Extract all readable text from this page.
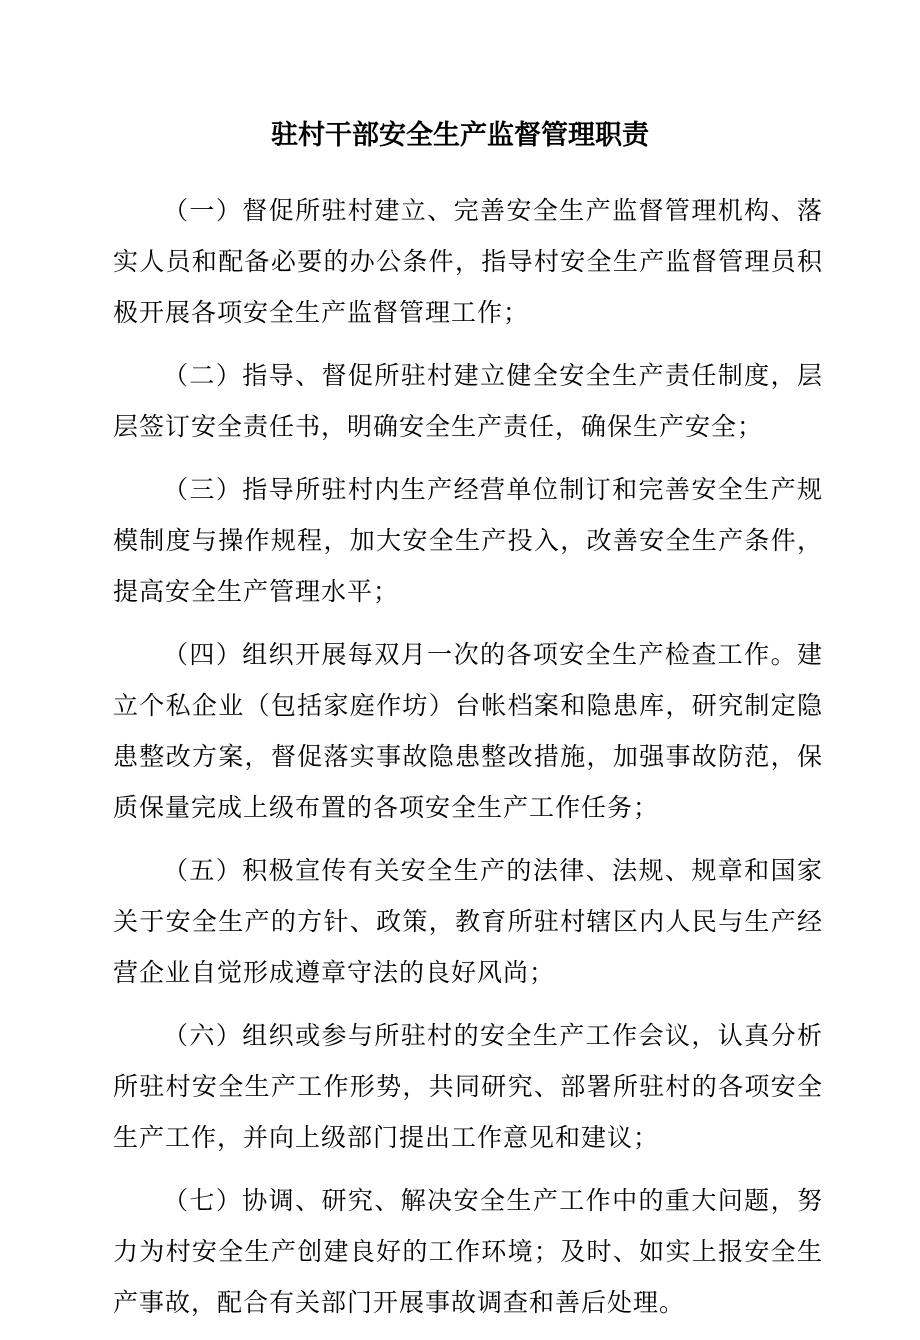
驻村干部安全生产监督管理职责

（一）督促所驻村建立、完善安全生产监督管理机构、落实人员和配备必要的办公条件，指导村安全生产监督管理员积极开展各项安全生产监督管理工作；

（二）指导、督促所驻村建立健全安全生产责任制度，层层签订安全责任书，明确安全生产责任，确保生产安全；

（三）指导所驻村内生产经营单位制订和完善安全生产规模制度与操作规程，加大安全生产投入，改善安全生产条件，提高安全生产管理水平；

（四）组织开展每双月一次的各项安全生产检查工作。建立个私企业（包括家庭作坊）台帐档案和隐患库，研究制定隐患整改方案，督促落实事故隐患整改措施，加强事故防范，保质保量完成上级布置的各项安全生产工作任务；

（五）积极宣传有关安全生产的法律、法规、规章和国家关于安全生产的方针、政策，教育所驻村辖区内人民与生产经营企业自觉形成遵章守法的良好风尚；

（六）组织或参与所驻村的安全生产工作会议，认真分析所驻村安全生产工作形势，共同研究、部署所驻村的各项安全生产工作，并向上级部门提出工作意见和建议；

（七）协调、研究、解决安全生产工作中的重大问题，努力为村安全生产创建良好的工作环境；及时、如实上报安全生产事故，配合有关部门开展事故调查和善后处理。
